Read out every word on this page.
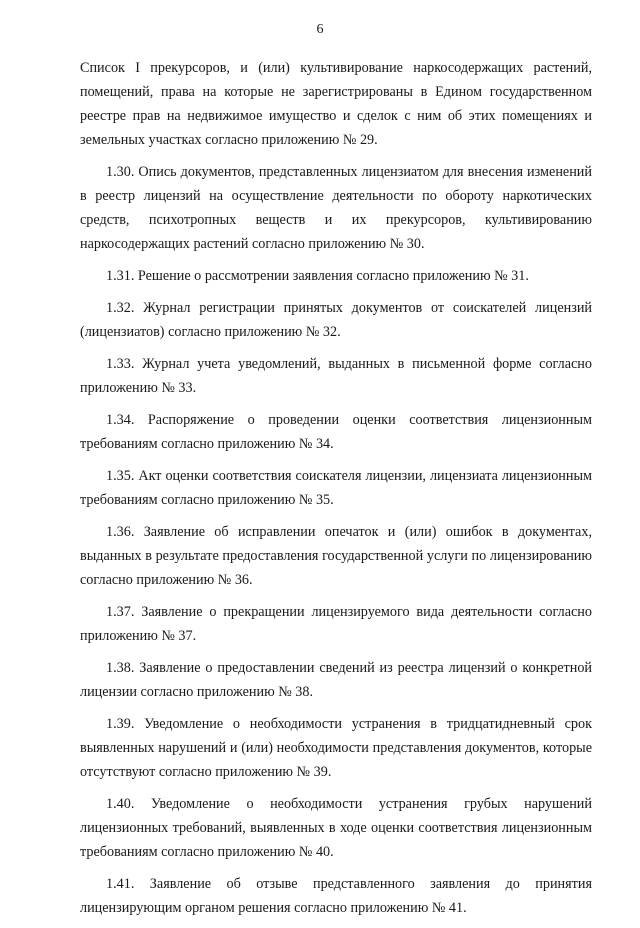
6

Список I прекурсоров, и (или) культивирование наркосодержащих растений, помещений, права на которые не зарегистрированы в Едином государственном реестре прав на недвижимое имущество и сделок с ним об этих помещениях и земельных участках согласно приложению № 29.

1.30. Опись документов, представленных лицензиатом для внесения изменений в реестр лицензий на осуществление деятельности по обороту наркотических средств, психотропных веществ и их прекурсоров, культивированию наркосодержащих растений согласно приложению № 30.

1.31. Решение о рассмотрении заявления согласно приложению № 31.

1.32. Журнал регистрации принятых документов от соискателей лицензий (лицензиатов) согласно приложению № 32.

1.33. Журнал учета уведомлений, выданных в письменной форме согласно приложению № 33.

1.34. Распоряжение о проведении оценки соответствия лицензионным требованиям согласно приложению № 34.

1.35. Акт оценки соответствия соискателя лицензии, лицензиата лицензионным требованиям согласно приложению № 35.

1.36. Заявление об исправлении опечаток и (или) ошибок в документах, выданных в результате предоставления государственной услуги по лицензированию согласно приложению № 36.

1.37. Заявление о прекращении лицензируемого вида деятельности согласно приложению № 37.

1.38. Заявление о предоставлении сведений из реестра лицензий о конкретной лицензии согласно приложению № 38.

1.39. Уведомление о необходимости устранения в тридцатидневный срок выявленных нарушений и (или) необходимости представления документов, которые отсутствуют согласно приложению № 39.

1.40. Уведомление о необходимости устранения грубых нарушений лицензионных требований, выявленных в ходе оценки соответствия лицензионным требованиям согласно приложению № 40.

1.41. Заявление об отзыве представленного заявления до принятия лицензирующим органом решения согласно приложению № 41.
